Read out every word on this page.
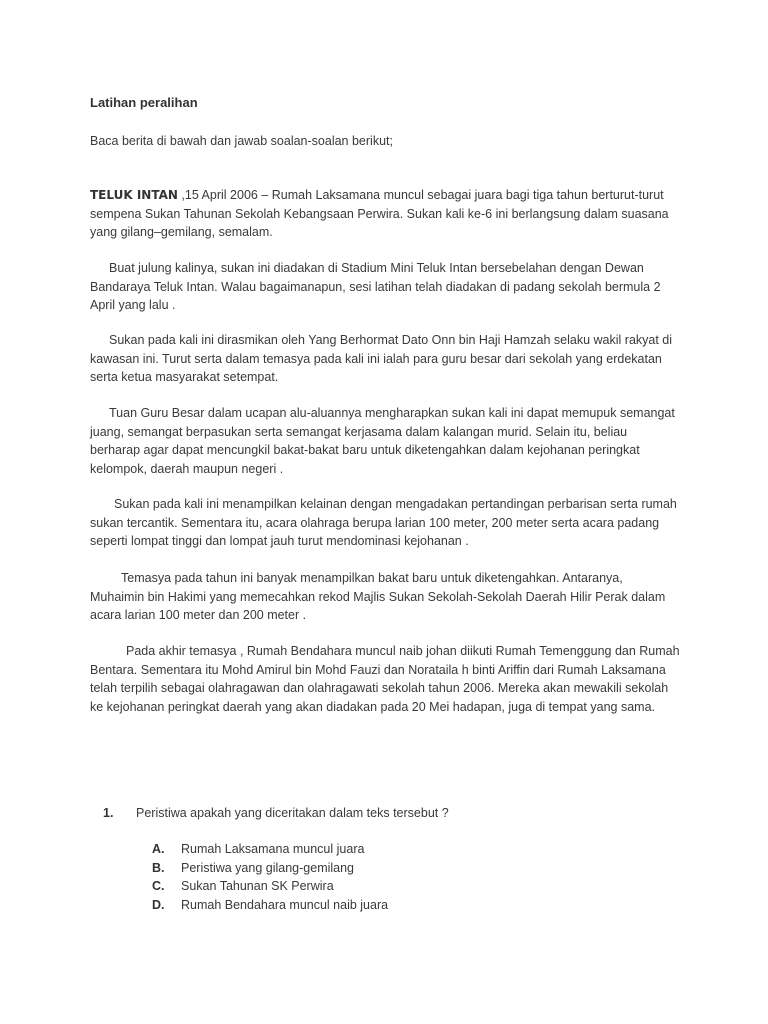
Latihan peralihan
Baca berita di bawah dan jawab soalan-soalan berikut;
TELUK INTAN ,15 April 2006 – Rumah Laksamana muncul sebagai juara bagi tiga tahun berturut-turut sempena Sukan Tahunan Sekolah Kebangsaan Perwira. Sukan kali ke-6 ini berlangsung dalam suasana yang gilang–gemilang, semalam.
Buat julung kalinya, sukan ini diadakan di Stadium Mini Teluk Intan bersebelahan dengan Dewan Bandaraya Teluk Intan. Walau bagaimanapun, sesi latihan telah diadakan di padang sekolah bermula 2 April yang lalu .
Sukan pada kali ini dirasmikan oleh Yang Berhormat Dato Onn bin Haji Hamzah selaku wakil rakyat di kawasan ini. Turut serta dalam temasya pada kali ini ialah para guru besar dari sekolah yang erdekatan serta ketua masyarakat setempat.
Tuan Guru Besar dalam ucapan alu-aluannya mengharapkan sukan kali ini dapat memupuk semangat juang, semangat berpasukan serta semangat kerjasama dalam kalangan murid. Selain itu, beliau berharap agar dapat mencungkil bakat-bakat baru untuk diketengahkan dalam kejohanan peringkat kelompok, daerah maupun negeri .
Sukan pada kali ini menampilkan kelainan dengan mengadakan pertandingan perbarisan serta rumah sukan tercantik. Sementara itu, acara olahraga berupa larian 100 meter, 200 meter serta acara padang seperti lompat tinggi dan lompat jauh turut mendominasi kejohanan .
Temasya pada tahun ini banyak menampilkan bakat baru untuk diketengahkan. Antaranya, Muhaimin bin Hakimi yang memecahkan rekod Majlis Sukan Sekolah-Sekolah Daerah Hilir Perak dalam acara larian 100 meter dan 200 meter .
Pada akhir temasya , Rumah Bendahara muncul naib johan diikuti Rumah Temenggung dan Rumah Bentara. Sementara itu Mohd Amirul bin Mohd Fauzi dan Norataila h binti Ariffin dari Rumah Laksamana telah terpilih sebagai olahragawan dan olahragawati sekolah tahun 2006. Mereka akan mewakili sekolah ke kejohanan peringkat daerah yang akan diadakan pada 20 Mei hadapan, juga di tempat yang sama.
1. Peristiwa apakah yang diceritakan dalam teks tersebut ?
A. Rumah Laksamana muncul juara
B. Peristiwa yang gilang-gemilang
C. Sukan Tahunan SK Perwira
D. Rumah Bendahara muncul naib juara
